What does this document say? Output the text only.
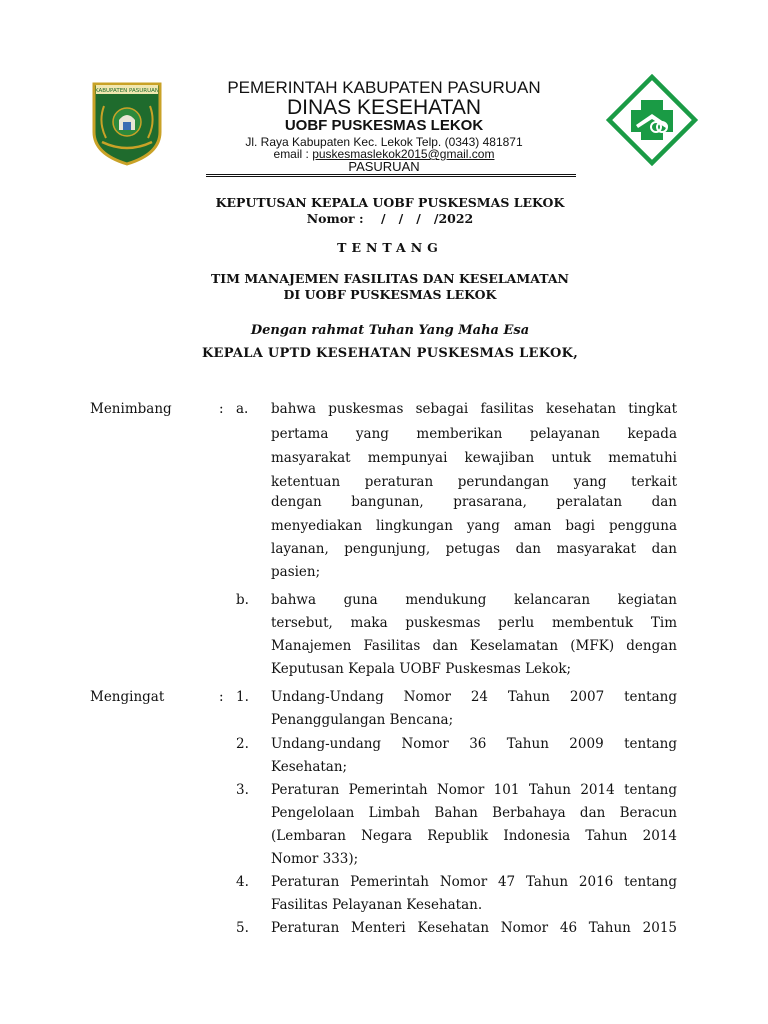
KABUPATEN PASURUAN	PEMERINTAH KABUPATEN PASURUAN
DINAS KESEHATAN
UOBF PUSKESMAS LEKOK
Jl. Raya Kabupaten Kec. Lekok Telp. (0343) 481871
email : puskesmaslekok2015@gmail.com
PASURUAN
KEPUTUSAN KEPALA UOBF PUSKESMAS LEKOK
Nomor :    /   /   /   /2022
TENTANG
TIM MANAJEMEN FASILITAS DAN KESELAMATAN
DI UOBF PUSKESMAS LEKOK
Dengan rahmat Tuhan Yang Maha Esa
KEPALA UPTD KESEHATAN PUSKESMAS LEKOK,
Menimbang	: a. bahwa puskesmas sebagai fasilitas kesehatan tingkat
pertama yang memberikan pelayanan kepada
masyarakat mempunyai kewajiban untuk mematuhi
ketentuan peraturan perundangan yang terkait
dengan bangunan, prasarana, peralatan dan
menyediakan lingkungan yang aman bagi pengguna
layanan, pengunjung, petugas dan masyarakat dan
pasien;
b. bahwa guna mendukung kelancaran kegiatan
tersebut, maka puskesmas perlu membentuk Tim
Manajemen Fasilitas dan Keselamatan (MFK) dengan
Keputusan Kepala UOBF Puskesmas Lekok;
Mengingat	: 1. Undang-Undang Nomor 24 Tahun 2007 tentang
Penanggulangan Bencana;
2. Undang-undang Nomor 36 Tahun 2009 tentang
Kesehatan;
3. Peraturan Pemerintah Nomor 101 Tahun 2014 tentang
Pengelolaan Limbah Bahan Berbahaya dan Beracun
(Lembaran Negara Republik Indonesia Tahun 2014
Nomor 333);
4. Peraturan Pemerintah Nomor 47 Tahun 2016 tentang
Fasilitas Pelayanan Kesehatan.
5. Peraturan Menteri Kesehatan Nomor 46 Tahun 2015
